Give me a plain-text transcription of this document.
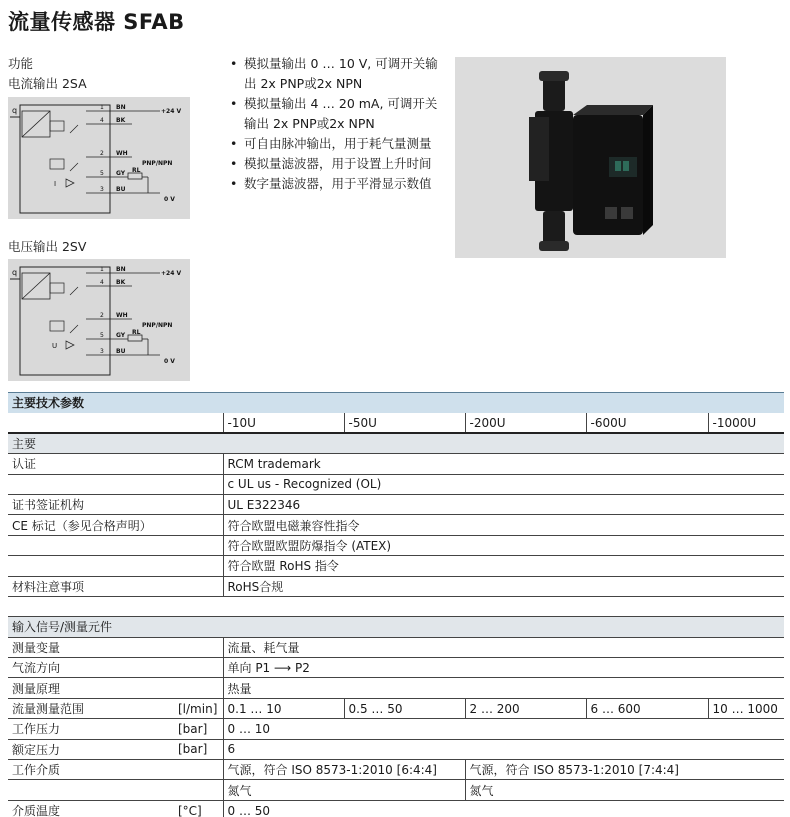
流量传感器 SFAB
功能
电流输出 2SA
q
I
1
4
2
5
3
BN
BK
WH
GY
BU
+24 V
PNP/NPN
RL
0 V
电压输出 2SV
q
U
1
4
2
5
3
BN
BK
WH
GY
BU
+24 V
PNP/NPN
RL
0 V
• 模拟量输出 0 … 10 V, 可调开关输出 2x PNP或2x NPN
• 模拟量输出 4 … 20 mA, 可调开关输出 2x PNP或2x NPN
• 可自由脉冲输出，用于耗气量测量
• 模拟量滤波器，用于设置上升时间
• 数字量滤波器，用于平滑显示数值
主要技术参数						
		-10U	-50U	-200U	-600U	-1000U
主要						
认证		RCM trademark				
		c UL us - Recognized (OL)				
证书签证机构		UL E322346				
CE 标记（参见合格声明）		符合欧盟电磁兼容性指令				
		符合欧盟欧盟防爆指令 (ATEX)				
		符合欧盟 RoHS 指令				
材料注意事项		RoHS合规				

输入信号/测量元件						
测量变量		流量、耗气量				
气流方向		单向 P1 ⟶ P2				
测量原理		热量				
流量测量范围	[l/min]	0.1 … 10	0.5 … 50	2 … 200	6 … 600	10 … 1000
工作压力	[bar]	0 … 10				
额定压力	[bar]	6				
工作介质		气源，符合 ISO 8573-1:2010 [6:4:4]		气源，符合 ISO 8573-1:2010 [7:4:4]		
		氮气		氮气		
介质温度	[°C]	0 … 50				
